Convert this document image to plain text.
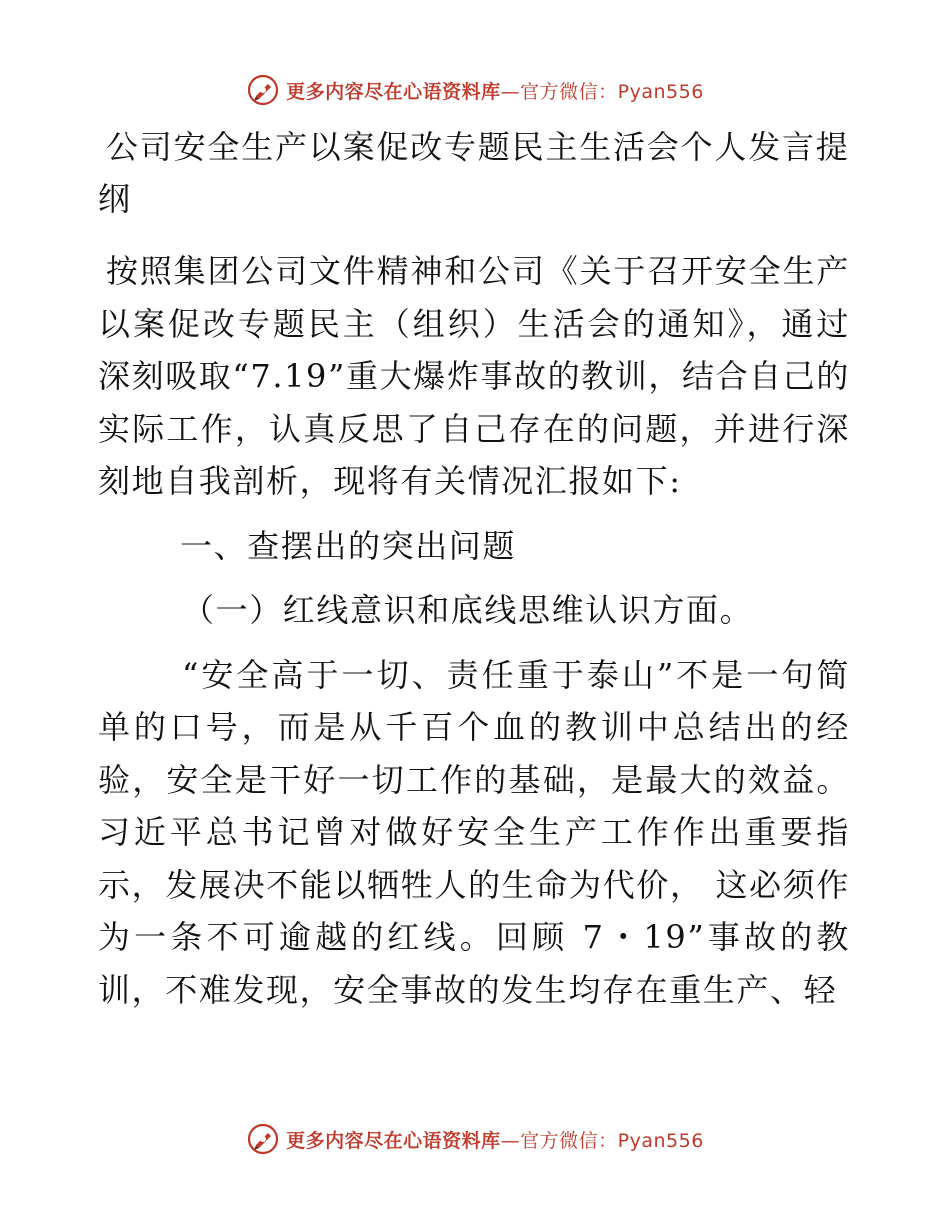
更多内容尽在心语资料库—官方微信：Pyan556

公司安全生产以案促改专题民主生活会个人发言提纲

按照集团公司文件精神和公司《关于召开安全生产以案促改专题民主（组织）生活会的通知》，通过深刻吸取“7.19”重大爆炸事故的教训，结合自己的实际工作，认真反思了自己存在的问题，并进行深刻地自我剖析，现将有关情况汇报如下:

一、查摆出的突出问题

（一）红线意识和底线思维认识方面。

“安全高于一切、责任重于泰山”不是一句简单的口号，而是从千百个血的教训中总结出的经验，安全是干好一切工作的基础，是最大的效益。习近平总书记曾对做好安全生产工作作出重要指示，发展决不能以牺牲人的生命为代价， 这必须作为一条不可逾越的红线。回顾 7・19”事故的教训，不难发现，安全事故的发生均存在重生产、轻

更多内容尽在心语资料库—官方微信：Pyan556
